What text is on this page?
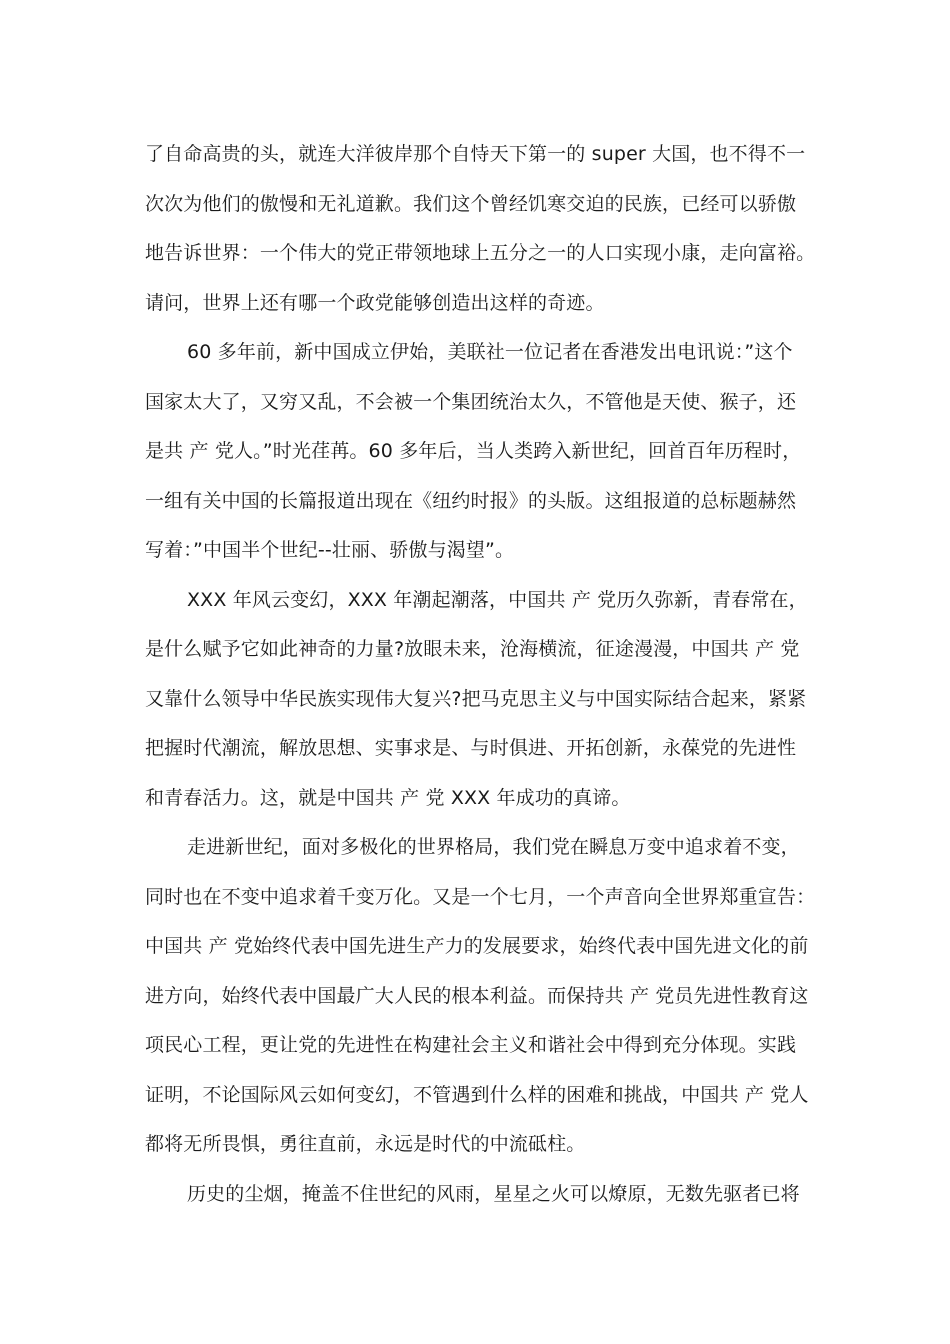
了自命高贵的头，就连大洋彼岸那个自恃天下第一的 super 大国，也不得不一
次次为他们的傲慢和无礼道歉。我们这个曾经饥寒交迫的民族，已经可以骄傲
地告诉世界：一个伟大的党正带领地球上五分之一的人口实现小康，走向富裕。
请问，世界上还有哪一个政党能够创造出这样的奇迹。
60 多年前，新中国成立伊始，美联社一位记者在香港发出电讯说：”这个
国家太大了，又穷又乱，不会被一个集团统治太久，不管他是天使、猴子，还
是共 产 党人。”时光荏苒。60 多年后，当人类跨入新世纪，回首百年历程时，
一组有关中国的长篇报道出现在《纽约时报》的头版。这组报道的总标题赫然
写着：”中国半个世纪--壮丽、骄傲与渴望”。
XXX 年风云变幻，XXX 年潮起潮落，中国共 产 党历久弥新，青春常在，
是什么赋予它如此神奇的力量?放眼未来，沧海横流，征途漫漫，中国共 产 党
又靠什么领导中华民族实现伟大复兴?把马克思主义与中国实际结合起来，紧紧
把握时代潮流，解放思想、实事求是、与时俱进、开拓创新，永葆党的先进性
和青春活力。这，就是中国共 产 党 XXX 年成功的真谛。
走进新世纪，面对多极化的世界格局，我们党在瞬息万变中追求着不变，
同时也在不变中追求着千变万化。又是一个七月，一个声音向全世界郑重宣告：
中国共 产 党始终代表中国先进生产力的发展要求，始终代表中国先进文化的前
进方向，始终代表中国最广大人民的根本利益。而保持共 产 党员先进性教育这
项民心工程，更让党的先进性在构建社会主义和谐社会中得到充分体现。实践
证明，不论国际风云如何变幻，不管遇到什么样的困难和挑战，中国共 产 党人
都将无所畏惧，勇往直前，永远是时代的中流砥柱。
历史的尘烟，掩盖不住世纪的风雨，星星之火可以燎原，无数先驱者已将
